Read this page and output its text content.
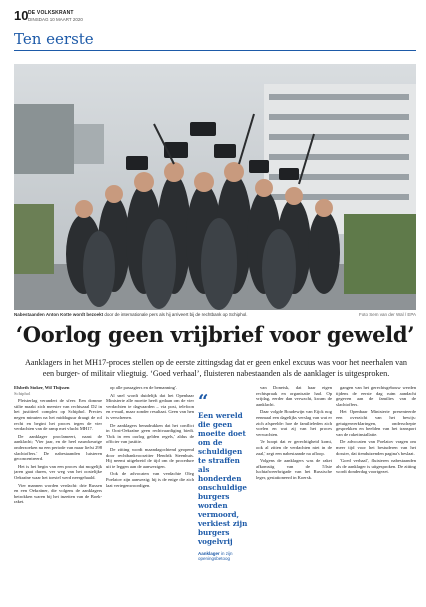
10 DE VOLKSKRANT
DINSDAG 10 MAART 2020
Ten eerste
Nabestaanden Anton Kotte wordt bezoekt door de internationale pers als hij arriveert bij de rechtbank op Schiphol.	Foto Sem van der Wal / EPA
‘Oorlog geen vrijbrief voor geweld’
Aanklagers in het MH17-proces stellen op de eerste zittingsdag dat er geen enkel excuus was voor het neerhalen van een burger- of militair vliegtuig. ‘Goed verhaal’, fluisteren nabestaanden als de aanklager is uitgesproken.
Elsbeth Stoker, Wil Thijssen
Schiphol

Pleisterlag verandert de sfeer. Een domme stilte maakt zich meester van rechtszaal D2 in het justitieel complex op Schiphol. Precies negen minuten na het middaguur draagt de rol recht en begint het proces tegen de vier verdachten van de ramp met vlucht MH17.

De aanklager proclameert, naast de aanklacht; 'Vier jaar, en de heel nauwkeurige onderzoeken na een periode van maar liefst 298 slachtoffers.' De nabestaanden luisteren geconcentreerd.

Het is het begin van een proces dat mogelijk jaren gaat duren, ver weg van het oostelijke Oekraïne waar het toestel werd neergehaald.

Vier mannen worden verdacht: drie Russen en een Oekraïner, die volgens de aanklagers betrokken waren bij het inzetten van de Boek-raket.

op alle passagiers en de bemanning'.

Al snel wordt duidelijk dat het Openbaar Ministerie alle moeite heeft gedaan om de vier verdachten te dagvaarden – via post, telefoon en e-mail, maar zonder resultaat. Geen van hen is verschenen.

De aanklagers benadrukken dat het conflict in Oost-Oekraïne geen rechtvaardiging biedt. 'Ook in een oorlog gelden regels,' aldus de officier van justitie.

De zitting wordt maandagochtend geopend door rechtbankvoorzitter Hendrik Steenhuis. Hij neemt uitgebreid de tijd om de procedure uit te leggen aan de aanwezigen.

Ook de advocaten van verdachte Oleg Poelatov zijn aanwezig; hij is de enige die zich laat vertegenwoordigen.

“
Een wereld die geen moeite doet om de schuldigen te straffen als honderden onschuldige burgers worden vermoord, verkiest zijn burgers vogelvrij
Aanklager in zijn openingsbetoog

van Donetsk, dat haar eigen rechtspraak en organisatie had. Op vrijdag, eerder dan verwacht, kwam de aanklacht.

Daar volgde Boudewijn van Eijck nog eenmaal een dagelijks verslag van wat er zich afspeelde: hoe de familieleden zich voelen en wat zij van het proces verwachten.

'Je hoopt dat er gerechtigheid komt, ook al zitten de verdachten niet in de zaal,' zegt een nabestaande na afloop.

Volgens de aanklagers was de raket afkomstig van de 53ste luchtafweerbrigade van het Russische leger, gestationeerd in Koersk.

gangen van het gerechtsgebouw werden tijdens de eerste dag ruim aandacht gegeven aan de families van de slachtoffers.

Het Openbaar Ministerie presenteerde een overzicht van het bewijs: getuigenverklaringen, onderschepte gesprekken en beelden van het transport van de raketinstallatie.

De advocaten van Poelatov vragen om meer tijd voor het bestuderen van het dossier, dat tienduizenden pagina's beslaat.

'Goed verhaal', fluisteren nabestaanden als de aanklager is uitgesproken. De zitting wordt donderdag voortgezet.
